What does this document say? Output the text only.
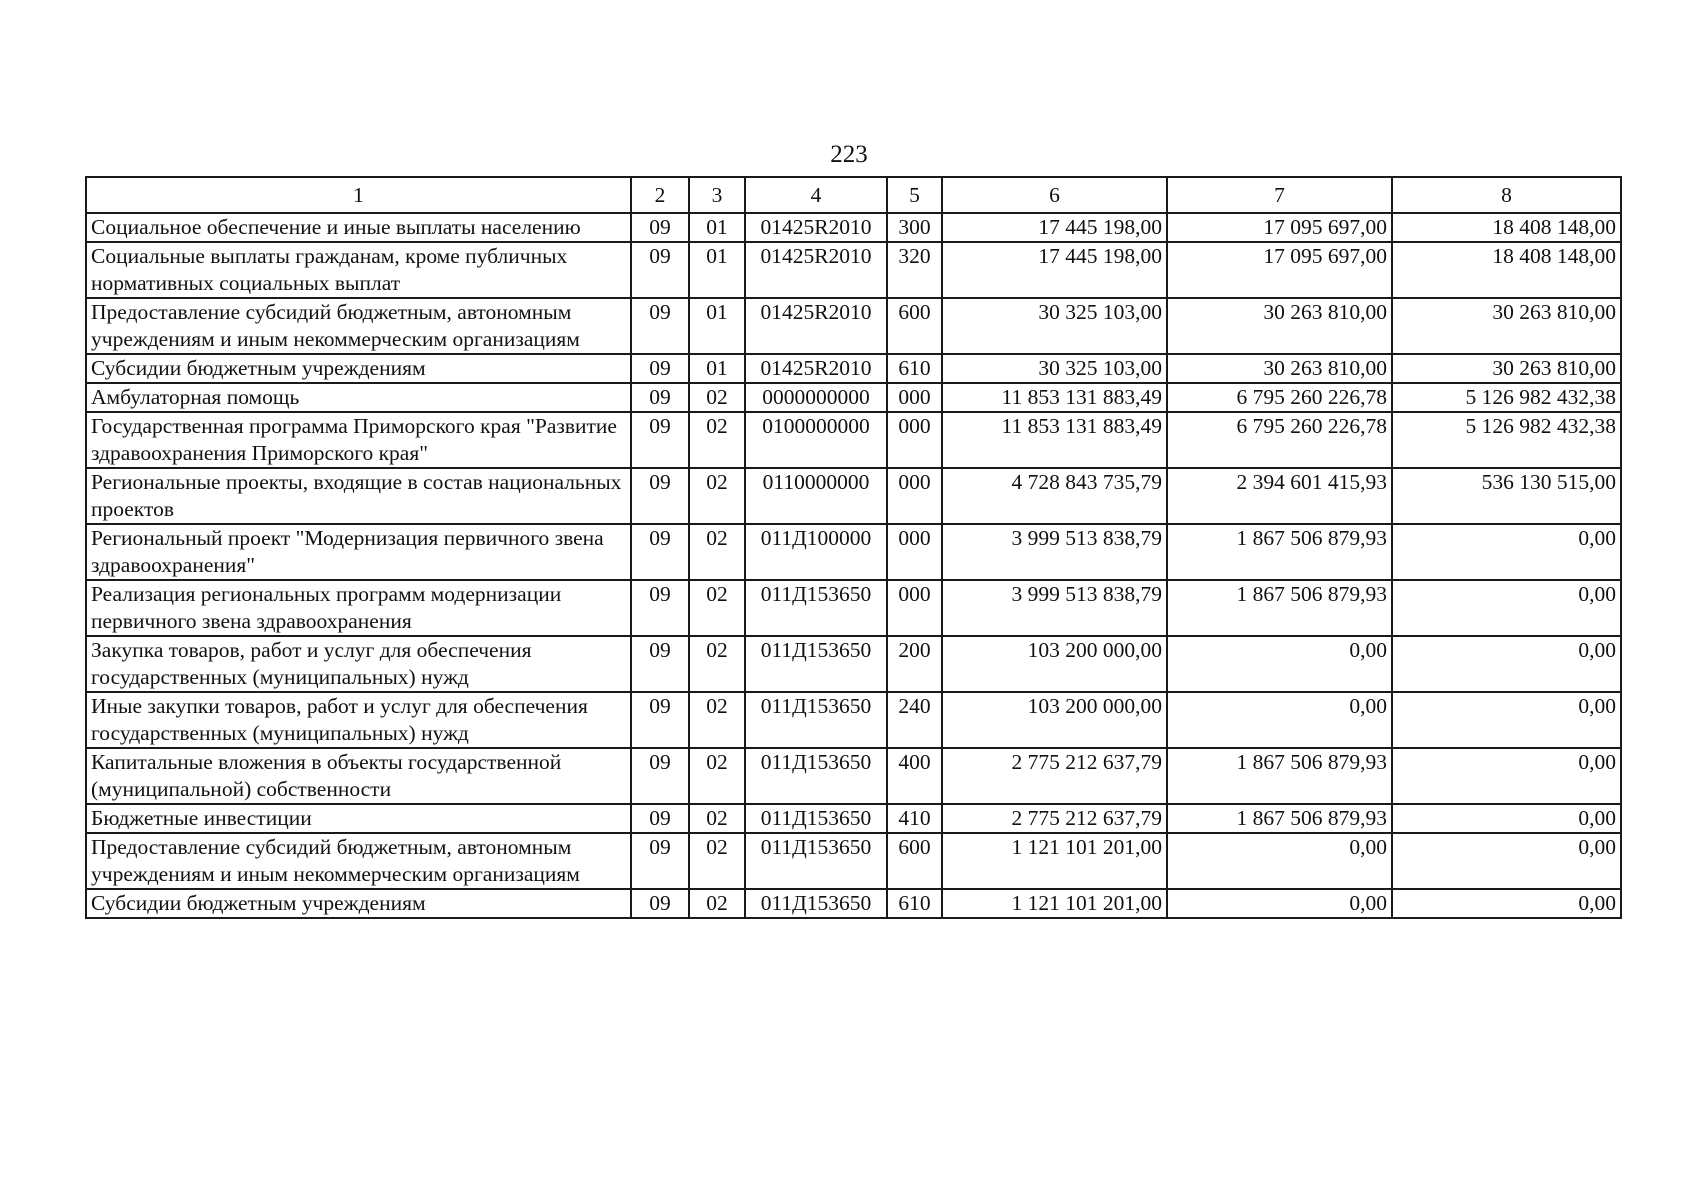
223
1	2	3	4	5	6	7	8
Социальное обеспечение и иные выплаты населению	09	01	01425R2010	300	17 445 198,00	17 095 697,00	18 408 148,00
Социальные выплаты гражданам, кроме публичных нормативных социальных выплат	09	01	01425R2010	320	17 445 198,00	17 095 697,00	18 408 148,00
Предоставление субсидий бюджетным, автономным учреждениям и иным некоммерческим организациям	09	01	01425R2010	600	30 325 103,00	30 263 810,00	30 263 810,00
Субсидии бюджетным учреждениям	09	01	01425R2010	610	30 325 103,00	30 263 810,00	30 263 810,00
Амбулаторная помощь	09	02	0000000000	000	11 853 131 883,49	6 795 260 226,78	5 126 982 432,38
Государственная программа Приморского края "Развитие здравоохранения Приморского края"	09	02	0100000000	000	11 853 131 883,49	6 795 260 226,78	5 126 982 432,38
Региональные проекты, входящие в состав национальных проектов	09	02	0110000000	000	4 728 843 735,79	2 394 601 415,93	536 130 515,00
Региональный проект "Модернизация первичного звена здравоохранения"	09	02	011Д100000	000	3 999 513 838,79	1 867 506 879,93	0,00
Реализация региональных программ модернизации первичного звена здравоохранения	09	02	011Д153650	000	3 999 513 838,79	1 867 506 879,93	0,00
Закупка товаров, работ и услуг для обеспечения государственных (муниципальных) нужд	09	02	011Д153650	200	103 200 000,00	0,00	0,00
Иные закупки товаров, работ и услуг для обеспечения государственных (муниципальных) нужд	09	02	011Д153650	240	103 200 000,00	0,00	0,00
Капитальные вложения в объекты государственной (муниципальной) собственности	09	02	011Д153650	400	2 775 212 637,79	1 867 506 879,93	0,00
Бюджетные инвестиции	09	02	011Д153650	410	2 775 212 637,79	1 867 506 879,93	0,00
Предоставление субсидий бюджетным, автономным учреждениям и иным некоммерческим организациям	09	02	011Д153650	600	1 121 101 201,00	0,00	0,00
Субсидии бюджетным учреждениям	09	02	011Д153650	610	1 121 101 201,00	0,00	0,00
